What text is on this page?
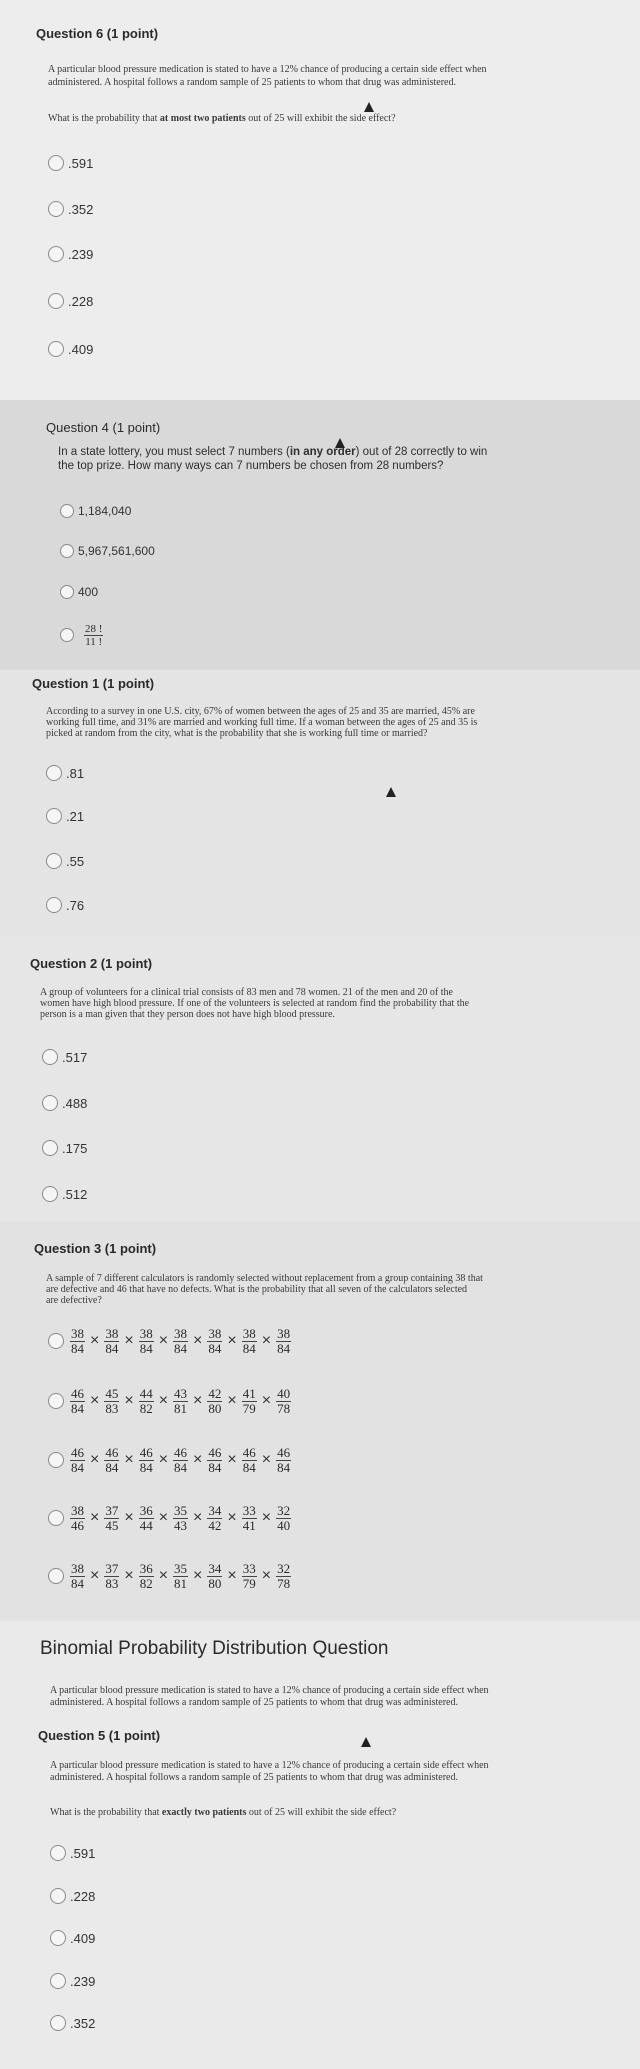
Question 6 (1 point)
A particular blood pressure medication is stated to have a 12% chance of producing a certain side effect when
administered. A hospital follows a random sample of 25 patients to whom that drug was administered.
What is the probability that at most two patients out of 25 will exhibit the side effect?
.591
.352
.239
.228
.409
Question 4 (1 point)
In a state lottery, you must select 7 numbers (in any order) out of 28 correctly to win
the top prize. How many ways can 7 numbers be chosen from 28 numbers?
1,184,040
5,967,561,600
400
$\frac{28 !}{11 !}$
Question 1 (1 point)
According to a survey in one U.S. city, 67% of women between the ages of 25 and 35 are married, 45% are
working full time, and 31% are married and working full time. If a woman between the ages of 25 and 35 is
picked at random from the city, what is the probability that she is working full time or married?
.81
.21
.55
.76
Question 2 (1 point)
A group of volunteers for a clinical trial consists of 83 men and 78 women. 21 of the men and 20 of the
women have high blood pressure. If one of the volunteers is selected at random find the probability that the
person is a man given that they person does not have high blood pressure.
.517
.488
.175
.512
Question 3 (1 point)
A sample of 7 different calculators is randomly selected without replacement from a group containing 38 that
are defective and 46 that have no defects. What is the probability that all seven of the calculators selected
are defective?
$\frac{38}{84} \times \frac{38}{84} \times \frac{38}{84} \times \frac{38}{84} \times \frac{38}{84} \times \frac{38}{84} \times \frac{38}{84}$
$\frac{46}{84} \times \frac{45}{83} \times \frac{44}{82} \times \frac{43}{81} \times \frac{42}{80} \times \frac{41}{79} \times \frac{40}{78}$
$\frac{46}{84} \times \frac{46}{84} \times \frac{46}{84} \times \frac{46}{84} \times \frac{46}{84} \times \frac{46}{84} \times \frac{46}{84}$
$\frac{38}{46} \times \frac{37}{45} \times \frac{36}{44} \times \frac{35}{43} \times \frac{34}{42} \times \frac{33}{41} \times \frac{32}{40}$
$\frac{38}{84} \times \frac{37}{83} \times \frac{36}{82} \times \frac{35}{81} \times \frac{34}{80} \times \frac{33}{79} \times \frac{32}{78}$
Binomial Probability Distribution Question
A particular blood pressure medication is stated to have a 12% chance of producing a certain side effect when
administered. A hospital follows a random sample of 25 patients to whom that drug was administered.
Question 5 (1 point)
A particular blood pressure medication is stated to have a 12% chance of producing a certain side effect when
administered. A hospital follows a random sample of 25 patients to whom that drug was administered.
What is the probability that exactly two patients out of 25 will exhibit the side effect?
.591
.228
.409
.239
.352
